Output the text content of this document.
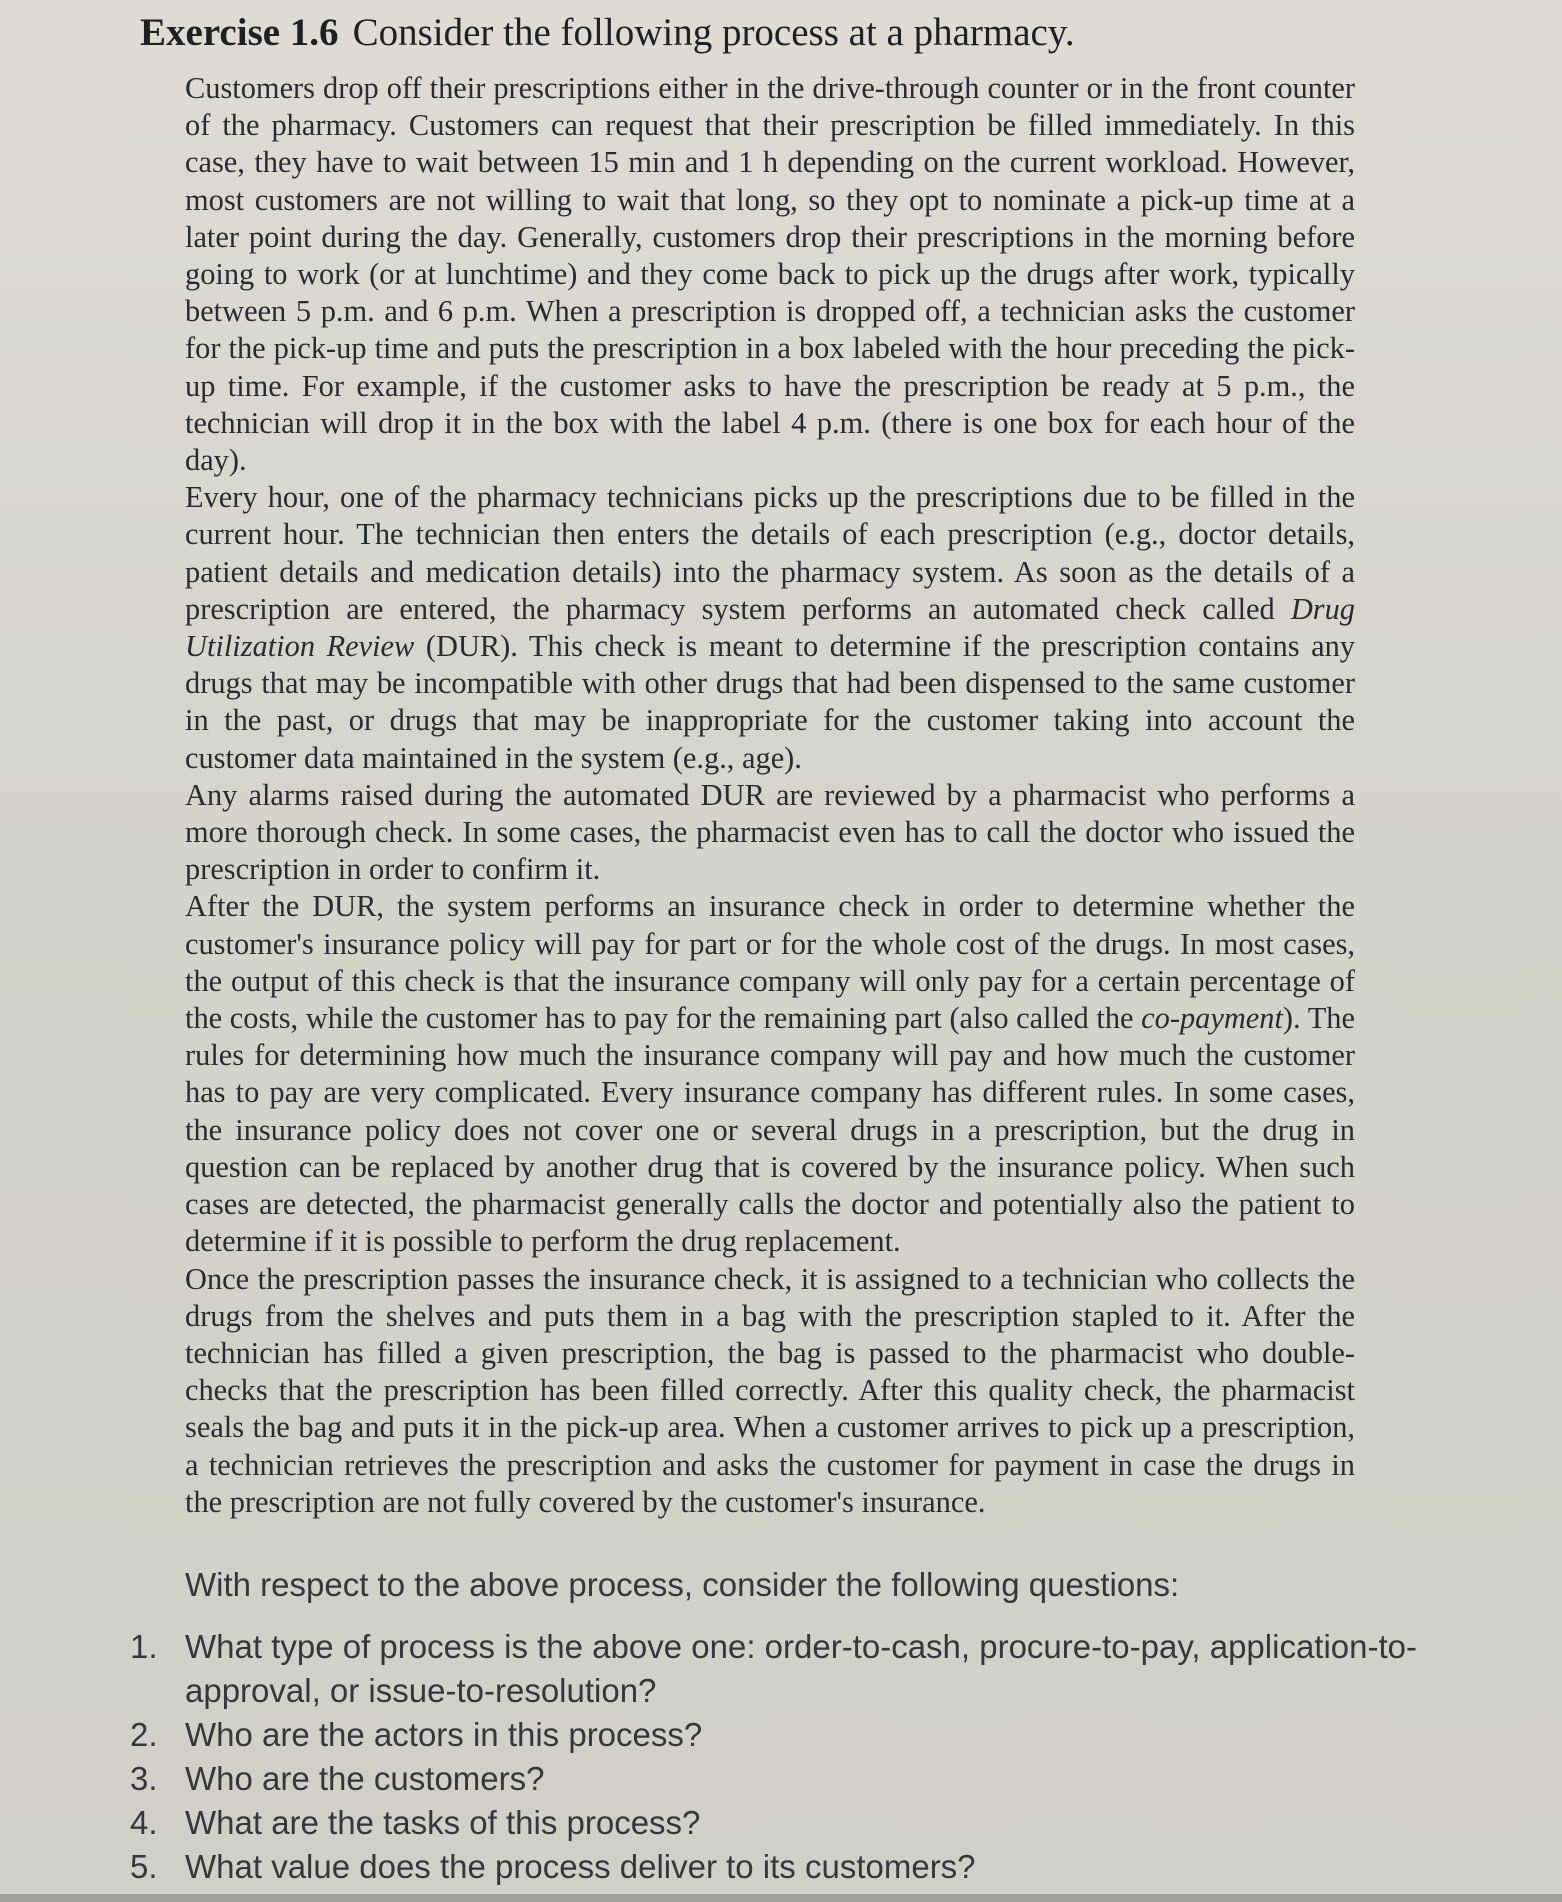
Exercise 1.6 Consider the following process at a pharmacy.

Customers drop off their prescriptions either in the drive-through counter or in the front counter of the pharmacy. Customers can request that their prescription be filled immediately. In this case, they have to wait between 15 min and 1 h depending on the current workload. However, most customers are not willing to wait that long, so they opt to nominate a pick-up time at a later point during the day. Generally, customers drop their prescriptions in the morning before going to work (or at lunchtime) and they come back to pick up the drugs after work, typically between 5 p.m. and 6 p.m. When a prescription is dropped off, a technician asks the customer for the pick-up time and puts the prescription in a box labeled with the hour preceding the pick-up time. For example, if the customer asks to have the prescription be ready at 5 p.m., the technician will drop it in the box with the label 4 p.m. (there is one box for each hour of the day).

Every hour, one of the pharmacy technicians picks up the prescriptions due to be filled in the current hour. The technician then enters the details of each prescription (e.g., doctor details, patient details and medication details) into the pharmacy system. As soon as the details of a prescription are entered, the pharmacy system performs an automated check called Drug Utilization Review (DUR). This check is meant to determine if the prescription contains any drugs that may be incompatible with other drugs that had been dispensed to the same customer in the past, or drugs that may be inappropriate for the customer taking into account the customer data maintained in the system (e.g., age).

Any alarms raised during the automated DUR are reviewed by a pharmacist who performs a more thorough check. In some cases, the pharmacist even has to call the doctor who issued the prescription in order to confirm it.

After the DUR, the system performs an insurance check in order to determine whether the customer's insurance policy will pay for part or for the whole cost of the drugs. In most cases, the output of this check is that the insurance company will only pay for a certain percentage of the costs, while the customer has to pay for the remaining part (also called the co-payment). The rules for determining how much the insurance company will pay and how much the customer has to pay are very complicated. Every insurance company has different rules. In some cases, the insurance policy does not cover one or several drugs in a prescription, but the drug in question can be replaced by another drug that is covered by the insurance policy. When such cases are detected, the pharmacist generally calls the doctor and potentially also the patient to determine if it is possible to perform the drug replacement.

Once the prescription passes the insurance check, it is assigned to a technician who collects the drugs from the shelves and puts them in a bag with the prescription stapled to it. After the technician has filled a given prescription, the bag is passed to the pharmacist who double-checks that the prescription has been filled correctly. After this quality check, the pharmacist seals the bag and puts it in the pick-up area. When a customer arrives to pick up a prescription, a technician retrieves the prescription and asks the customer for payment in case the drugs in the prescription are not fully covered by the customer's insurance.

With respect to the above process, consider the following questions:
1. What type of process is the above one: order-to-cash, procure-to-pay, application-to-approval, or issue-to-resolution?
2. Who are the actors in this process?
3. Who are the customers?
4. What are the tasks of this process?
5. What value does the process deliver to its customers?
